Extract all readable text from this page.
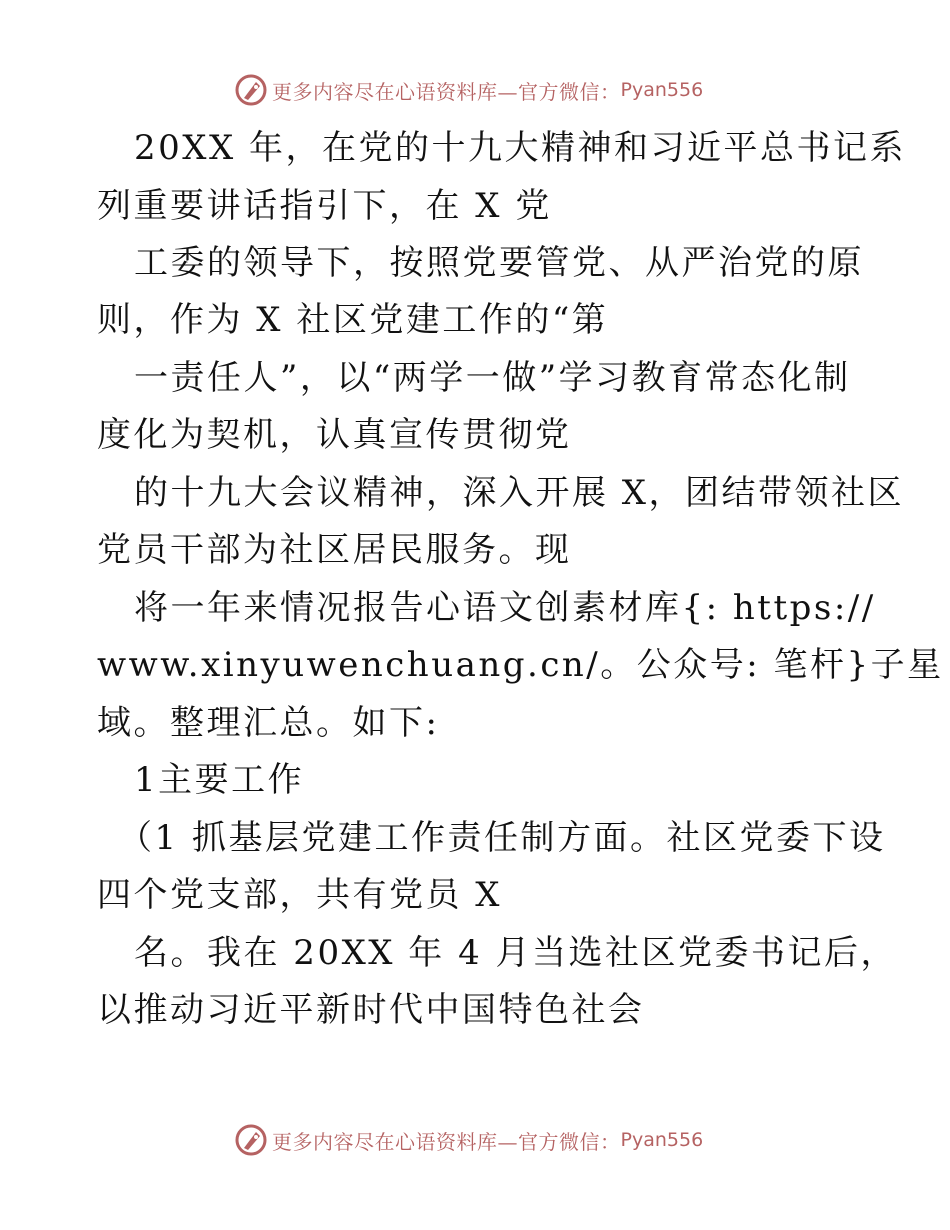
更多内容尽在心语资料库—官方微信： Pyan556
20XX 年，在党的十九大精神和习近平总书记系
列重要讲话指引下，在 X 党
工委的领导下，按照党要管党、从严治党的原
则，作为 X 社区党建工作的“第
一责任人”，以“两学一做”学习教育常态化制
度化为契机，认真宣传贯彻党
的十九大会议精神，深入开展 X，团结带领社区
党员干部为社区居民服务。现
将一年来情况报告心语文创素材库{: https://
www.xinyuwenchuang.cn/。公众号: 笔杆}子星
域。整理汇总。如下:
1主要工作
（1 抓基层党建工作责任制方面。社区党委下设
四个党支部，共有党员 X
名。我在 20XX 年 4 月当选社区党委书记后，
以推动习近平新时代中国特色社会
更多内容尽在心语资料库—官方微信： Pyan556
